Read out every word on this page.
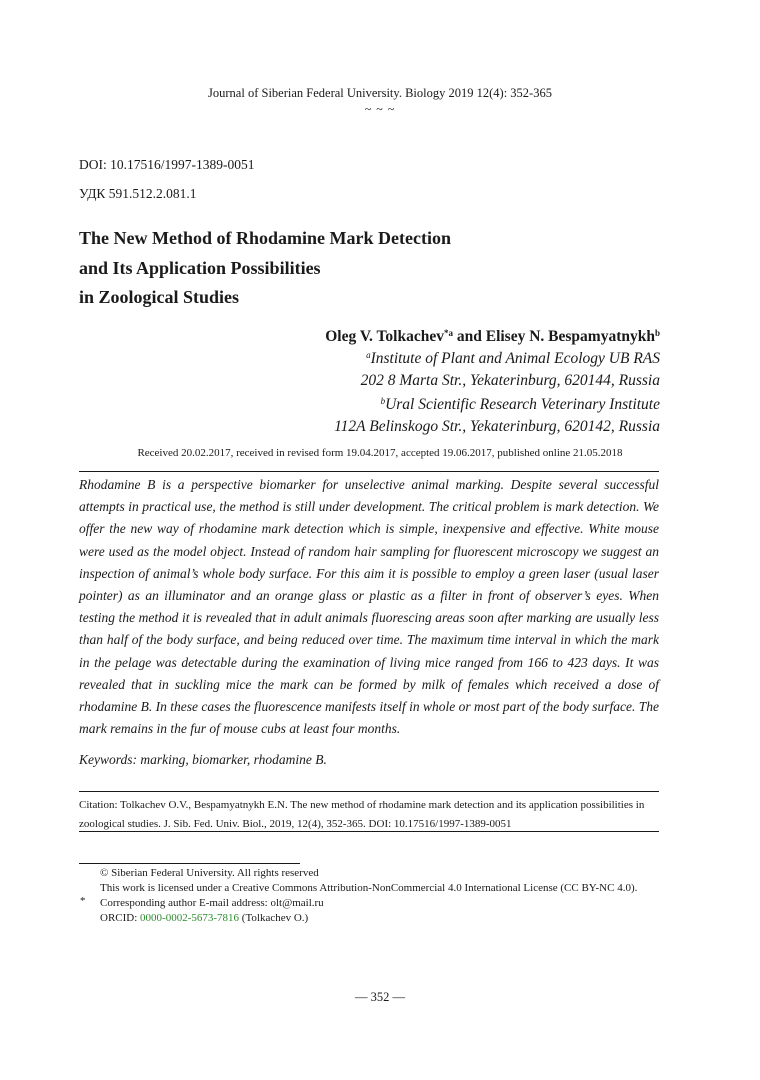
Journal of Siberian Federal University. Biology 2019 12(4): 352-365
~ ~ ~
DOI: 10.17516/1997-1389-0051
УДК 591.512.2.081.1
The New Method of Rhodamine Mark Detection
and Its Application Possibilities
in Zoological Studies
Oleg V. Tolkachev$^{*a}$ and Elisey N. Bespamyatnykh$^b$
$^a$Institute of Plant and Animal Ecology UB RAS
202 8 Marta Str., Yekaterinburg, 620144, Russia
$^b$Ural Scientific Research Veterinary Institute
112A Belinskogo Str., Yekaterinburg, 620142, Russia
Received 20.02.2017, received in revised form 19.04.2017, accepted 19.06.2017, published online 21.05.2018
Rhodamine B is a perspective biomarker for unselective animal marking. Despite several successful attempts in practical use, the method is still under development. The critical problem is mark detection. We offer the new way of rhodamine mark detection which is simple, inexpensive and effective. White mouse were used as the model object. Instead of random hair sampling for fluorescent microscopy we suggest an inspection of animal’s whole body surface. For this aim it is possible to employ a green laser (usual laser pointer) as an illuminator and an orange glass or plastic as a filter in front of observer’s eyes. When testing the method it is revealed that in adult animals fluorescing areas soon after marking are usually less than half of the body surface, and being reduced over time. The maximum time interval in which the mark in the pelage was detectable during the examination of living mice ranged from 166 to 423 days. It was revealed that in suckling mice the mark can be formed by milk of females which received a dose of rhodamine B. In these cases the fluorescence manifests itself in whole or most part of the body surface. The mark remains in the fur of mouse cubs at least four months.
Keywords: marking, biomarker, rhodamine B.
Citation: Tolkachev O.V., Bespamyatnykh E.N. The new method of rhodamine mark detection and its application possibilities in zoological studies. J. Sib. Fed. Univ. Biol., 2019, 12(4), 352-365. DOI: 10.17516/1997-1389-0051
© Siberian Federal University. All rights reserved
This work is licensed under a Creative Commons Attribution-NonCommercial 4.0 International License (CC BY-NC 4.0).
* Corresponding author E-mail address: olt@mail.ru
ORCID: 0000-0002-5673-7816 (Tolkachev O.)
— 352 —
